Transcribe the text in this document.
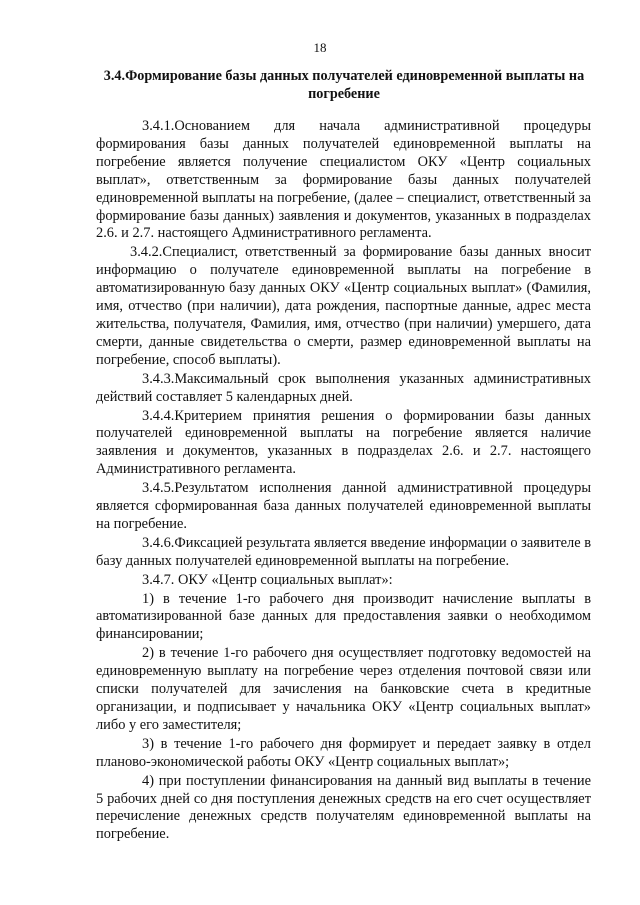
18
3.4.Формирование базы данных получателей единовременной выплаты на погребение

3.4.1.Основанием для начала административной процедуры формирования базы данных получателей единовременной выплаты на погребение является получение специалистом ОКУ «Центр социальных выплат», ответственным за формирование базы данных получателей единовременной выплаты на погребение, (далее – специалист, ответственный за формирование базы данных) заявления и документов, указанных в подразделах 2.6. и 2.7. настоящего Административного регламента.

3.4.2.Специалист, ответственный за формирование базы данных вносит информацию о получателе единовременной выплаты на погребение в автоматизированную базу данных ОКУ «Центр социальных выплат» (Фамилия, имя, отчество (при наличии), дата рождения, паспортные данные, адрес места жительства, получателя, Фамилия, имя, отчество (при наличии) умершего, дата смерти, данные свидетельства о смерти, размер единовременной выплаты на погребение, способ выплаты).

3.4.3.Максимальный срок выполнения указанных административных действий составляет 5 календарных дней.

3.4.4.Критерием принятия решения о формировании базы данных получателей единовременной выплаты на погребение является наличие заявления и документов, указанных в подразделах 2.6. и 2.7. настоящего Административного регламента.

3.4.5.Результатом исполнения данной административной процедуры является сформированная база данных получателей единовременной выплаты на погребение.

3.4.6.Фиксацией результата является введение информации о заявителе в базу данных получателей единовременной выплаты на погребение.

3.4.7. ОКУ «Центр социальных выплат»:

1) в течение 1-го рабочего дня производит начисление выплаты в автоматизированной базе данных для предоставления заявки о необходимом финансировании;

2) в течение 1-го рабочего дня осуществляет подготовку ведомостей на единовременную выплату на погребение через отделения почтовой связи или списки получателей для зачисления на банковские счета в кредитные организации, и подписывает у начальника ОКУ «Центр социальных выплат» либо у его заместителя;

3) в течение 1-го рабочего дня формирует и передает заявку в отдел планово-экономической работы ОКУ «Центр социальных выплат»;

4) при поступлении финансирования на данный вид выплаты в течение 5 рабочих дней со дня поступления денежных средств на его счет осуществляет перечисление денежных средств получателям единовременной выплаты на погребение.
